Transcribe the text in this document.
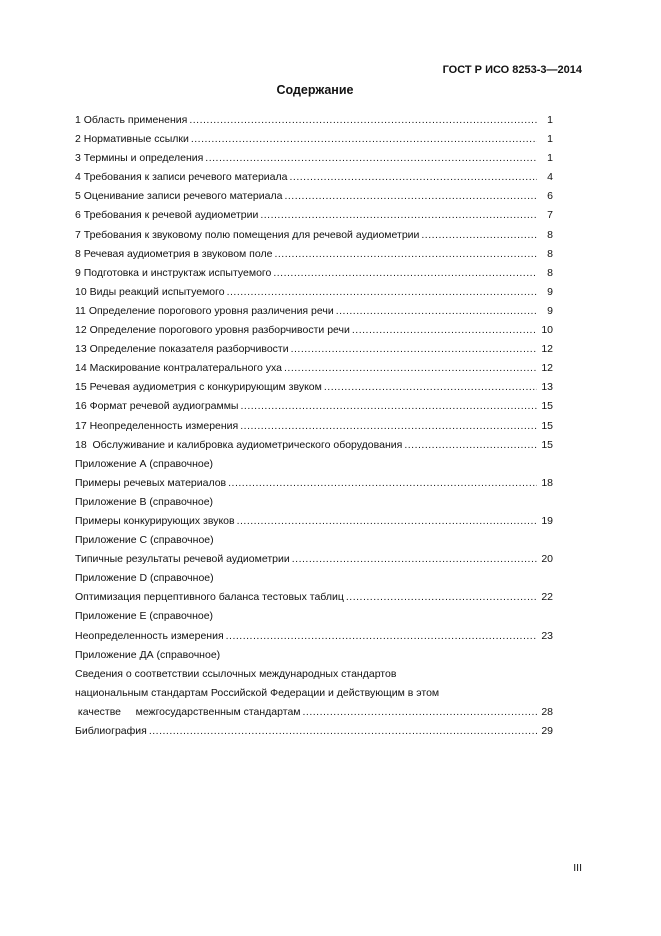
ГОСТ Р ИСО 8253-3—2014
Содержание
1 Область применения .....	1
2 Нормативные ссылки .....	1
3 Термины и определения .....	1
4 Требования к записи речевого материала .....	4
5 Оценивание записи речевого материала .....	6
6 Требования к речевой аудиометрии .....	7
7 Требования к звуковому полю помещения для речевой аудиометрии .....	8
8 Речевая аудиометрия в звуковом поле .....	8
9 Подготовка и инструктаж испытуемого .....	8
10 Виды реакций испытуемого .....	9
11 Определение порогового уровня различения речи .....	9
12 Определение порогового уровня разборчивости речи .....	10
13 Определение показателя разборчивости .....	12
14 Маскирование контралатерального уха .....	12
15 Речевая аудиометрия с конкурирующим звуком .....	13
16 Формат речевой аудиограммы .....	15
17 Неопределенность измерения .....	15
18  Обслуживание и калибровка аудиометрического оборудования .....	15
Приложение А (справочное)
Примеры речевых материалов .....	18
Приложение В (справочное)
Примеры конкурирующих звуков .....	19
Приложение С (справочное)
Типичные результаты речевой аудиометрии .....	20
Приложение D (справочное)
Оптимизация перцептивного баланса тестовых таблиц .....	22
Приложение Е (справочное)
Неопределенность измерения .....	23
Приложение ДА (справочное)
Сведения о соответствии ссылочных международных стандартов
национальным стандартам Российской Федерации и действующим в этом
качестве     межгосударственным стандартам .....	28
Библиография .....	29
III
